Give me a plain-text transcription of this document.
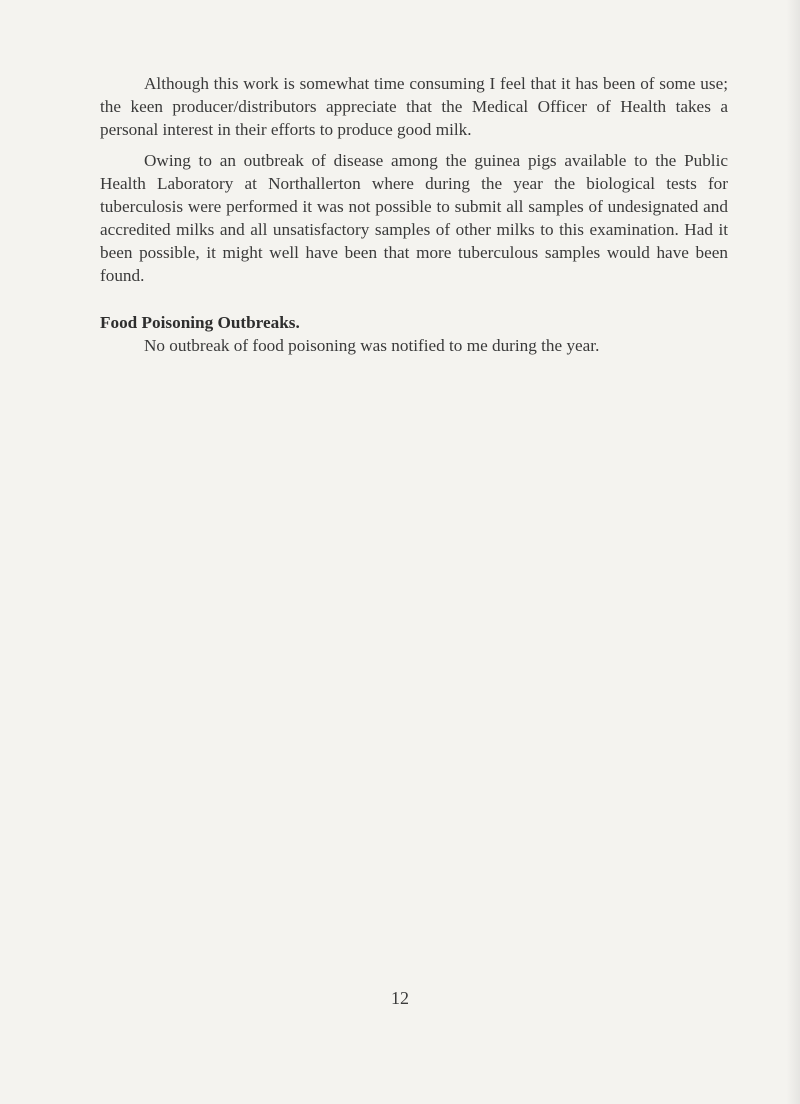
Although this work is somewhat time consuming I feel that it has been of some use; the keen producer/distributors appreciate that the Medical Officer of Health takes a personal interest in their efforts to produce good milk.

Owing to an outbreak of disease among the guinea pigs available to the Public Health Laboratory at Northallerton where during the year the biological tests for tuberculosis were performed it was not possible to submit all samples of undesignated and accredited milks and all unsatisfactory samples of other milks to this examination. Had it been possible, it might well have been that more tuberculous samples would have been found.

Food Poisoning Outbreaks.

No outbreak of food poisoning was notified to me during the year.

12
